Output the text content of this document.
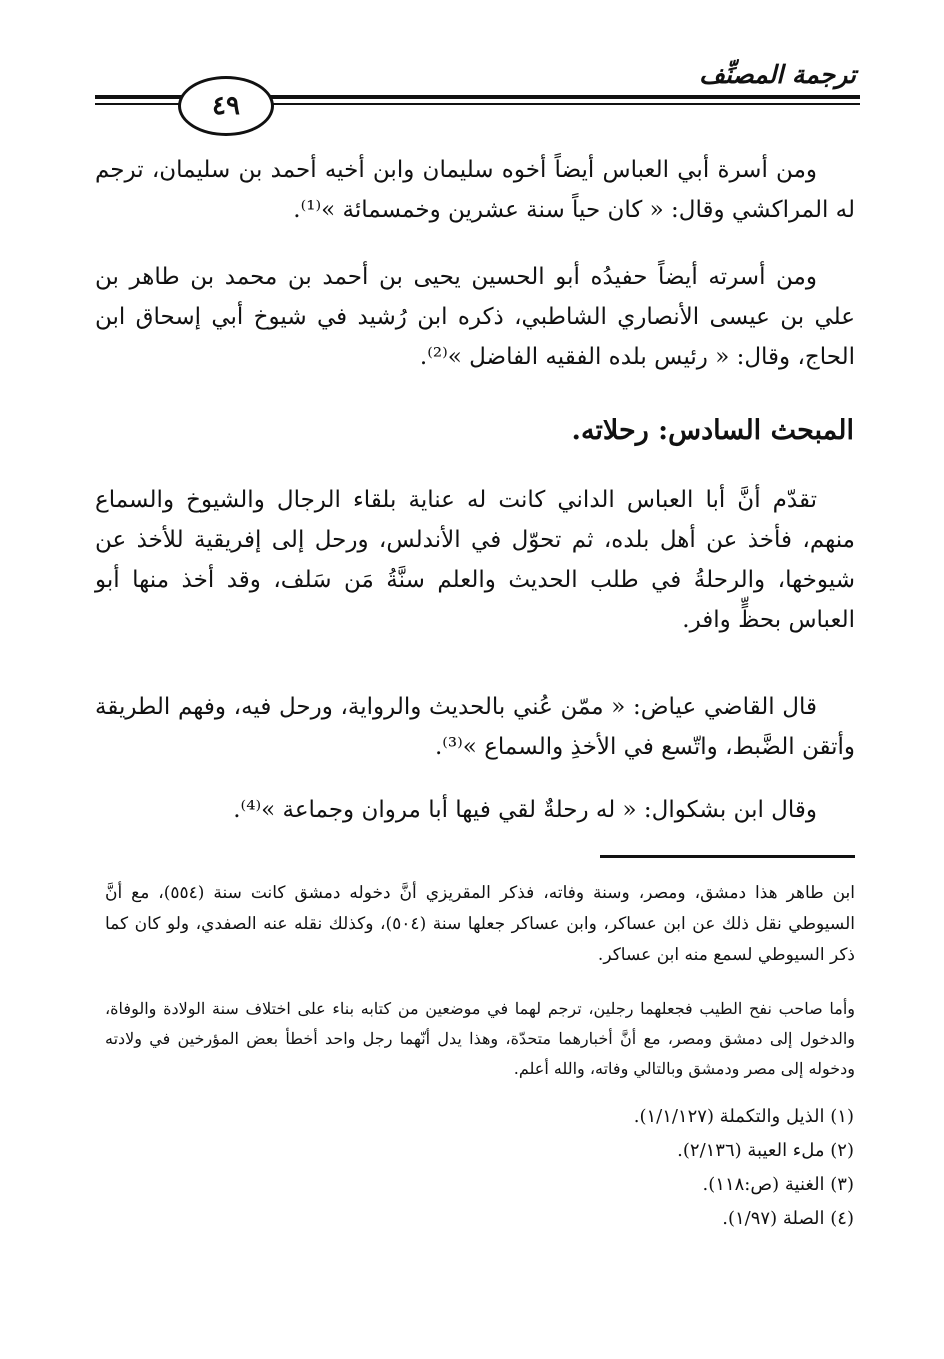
ترجمة المصنِّف
٤٩

ومن أسرة أبي العباس أيضاً أخوه سليمان وابن أخيه أحمد بن سليمان، ترجم له المراكشي وقال: « كان حياً سنة عشرين وخمسمائة »⁽¹⁾.

ومن أسرته أيضاً حفيدُه أبو الحسين يحيى بن أحمد بن محمد بن طاهر بن علي بن عيسى الأنصاري الشاطبي، ذكره ابن رُشيد في شيوخ أبي إسحاق ابن الحاج، وقال: « رئيس بلده الفقيه الفاضل »⁽²⁾.

المبحث السادس: رحلاته.

تقدّم أنَّ أبا العباس الداني كانت له عناية بلقاء الرجال والشيوخ والسماع منهم، فأخذ عن أهل بلده، ثم تحوّل في الأندلس، ورحل إلى إفريقية للأخذ عن شيوخها، والرحلةُ في طلب الحديث والعلم سنَّةُ مَن سَلف، وقد أخذ منها أبو العباس بحظٍّ وافر.

قال القاضي عياض: « ممّن عُني بالحديث والرواية، ورحل فيه، وفهم الطريقة وأتقن الضَّبط، واتّسع في الأخذِ والسماع »⁽³⁾.

وقال ابن بشكوال: « له رحلةٌ لقي فيها أبا مروان وجماعة »⁽⁴⁾.

ابن طاهر هذا دمشق، ومصر، وسنة وفاته، فذكر المقريزي أنَّ دخوله دمشق كانت سنة (٥٥٤)، مع أنَّ السيوطي نقل ذلك عن ابن عساكر، وابن عساكر جعلها سنة (٥٠٤)، وكذلك نقله عنه الصفدي، ولو كان كما ذكر السيوطي لسمع منه ابن عساكر.

وأما صاحب نفح الطيب فجعلهما رجلين، ترجم لهما في موضعين من كتابه بناء على اختلاف سنة الولادة والوفاة، والدخول إلى دمشق ومصر، مع أنَّ أخبارهما متحدّة، وهذا يدل أنّهما رجل واحد أخطأ بعض المؤرخين في ولادته ودخوله إلى مصر ودمشق وبالتالي وفاته، والله أعلم.

(١) الذيل والتكملة (١/١/١٢٧).
(٢) ملء العيبة (٢/١٣٦).
(٣) الغنية (ص:١١٨).
(٤) الصلة (١/٩٧).
